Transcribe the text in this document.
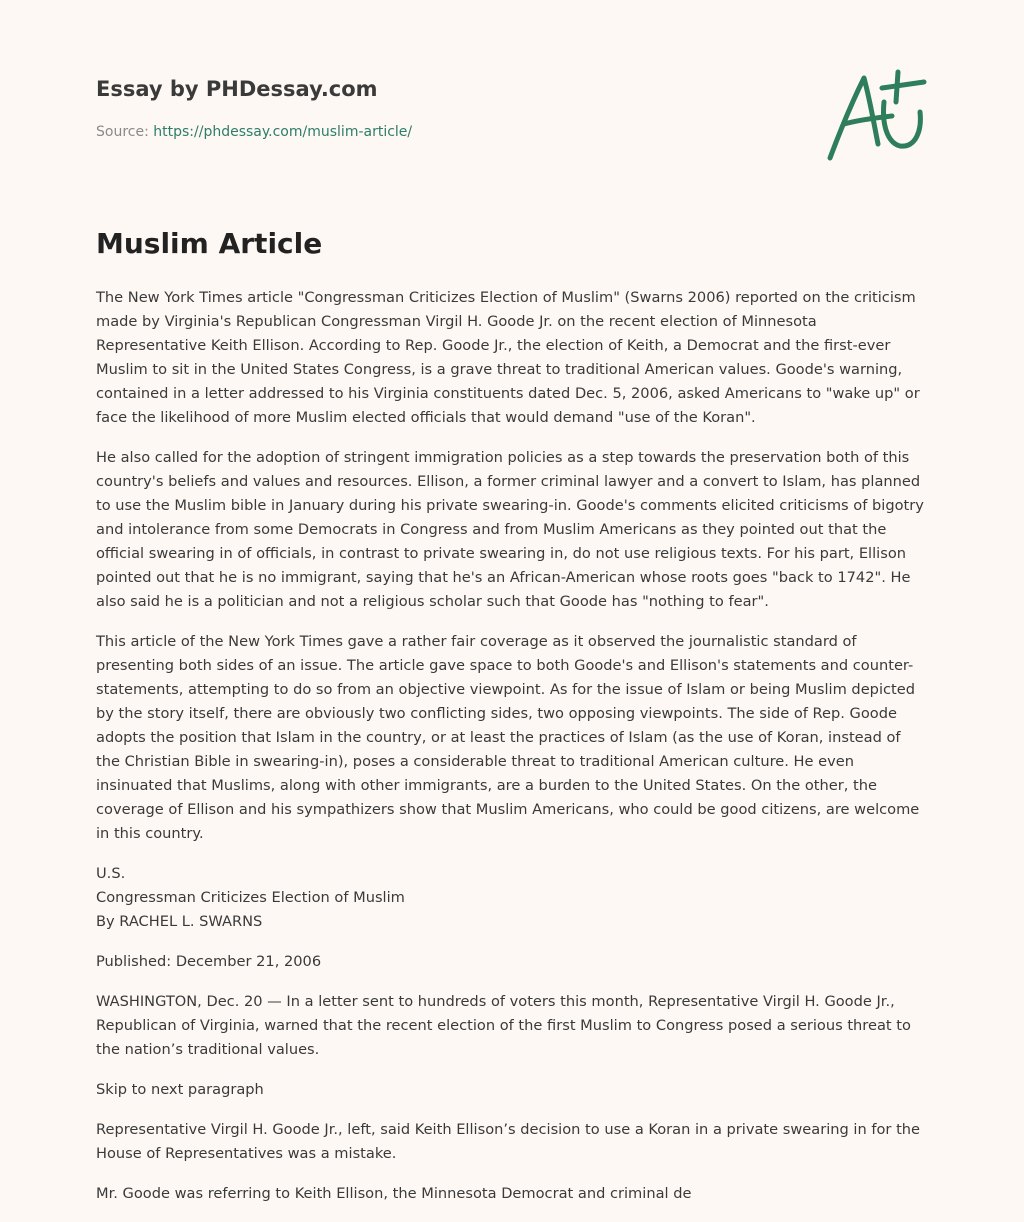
Essay by PHDessay.com
Source: https://phdessay.com/muslim-article/
Muslim Article

The New York Times article "Congressman Criticizes Election of Muslim" (Swarns 2006) reported on the criticism made by Virginia's Republican Congressman Virgil H. Goode Jr. on the recent election of Minnesota Representative Keith Ellison. According to Rep. Goode Jr., the election of Keith, a Democrat and the first-ever Muslim to sit in the United States Congress, is a grave threat to traditional American values. Goode's warning, contained in a letter addressed to his Virginia constituents dated Dec. 5, 2006, asked Americans to "wake up" or face the likelihood of more Muslim elected officials that would demand "use of the Koran".

He also called for the adoption of stringent immigration policies as a step towards the preservation both of this country's beliefs and values and resources. Ellison, a former criminal lawyer and a convert to Islam, has planned to use the Muslim bible in January during his private swearing-in. Goode's comments elicited criticisms of bigotry and intolerance from some Democrats in Congress and from Muslim Americans as they pointed out that the official swearing in of officials, in contrast to private swearing in, do not use religious texts. For his part, Ellison pointed out that he is no immigrant, saying that he's an African-American whose roots goes "back to 1742". He also said he is a politician and not a religious scholar such that Goode has "nothing to fear".

This article of the New York Times gave a rather fair coverage as it observed the journalistic standard of presenting both sides of an issue. The article gave space to both Goode's and Ellison's statements and counter-statements, attempting to do so from an objective viewpoint. As for the issue of Islam or being Muslim depicted by the story itself, there are obviously two conflicting sides, two opposing viewpoints. The side of Rep. Goode adopts the position that Islam in the country, or at least the practices of Islam (as the use of Koran, instead of the Christian Bible in swearing-in), poses a considerable threat to traditional American culture. He even insinuated that Muslims, along with other immigrants, are a burden to the United States. On the other, the coverage of Ellison and his sympathizers show that Muslim Americans, who could be good citizens, are welcome in this country.

U.S.
Congressman Criticizes Election of Muslim
By RACHEL L. SWARNS

Published: December 21, 2006

WASHINGTON, Dec. 20 — In a letter sent to hundreds of voters this month, Representative Virgil H. Goode Jr., Republican of Virginia, warned that the recent election of the first Muslim to Congress posed a serious threat to the nation’s traditional values.

Skip to next paragraph

Representative Virgil H. Goode Jr., left, said Keith Ellison’s decision to use a Koran in a private swearing in for the House of Representatives was a mistake.

Mr. Goode was referring to Keith Ellison, the Minnesota Democrat and criminal de
